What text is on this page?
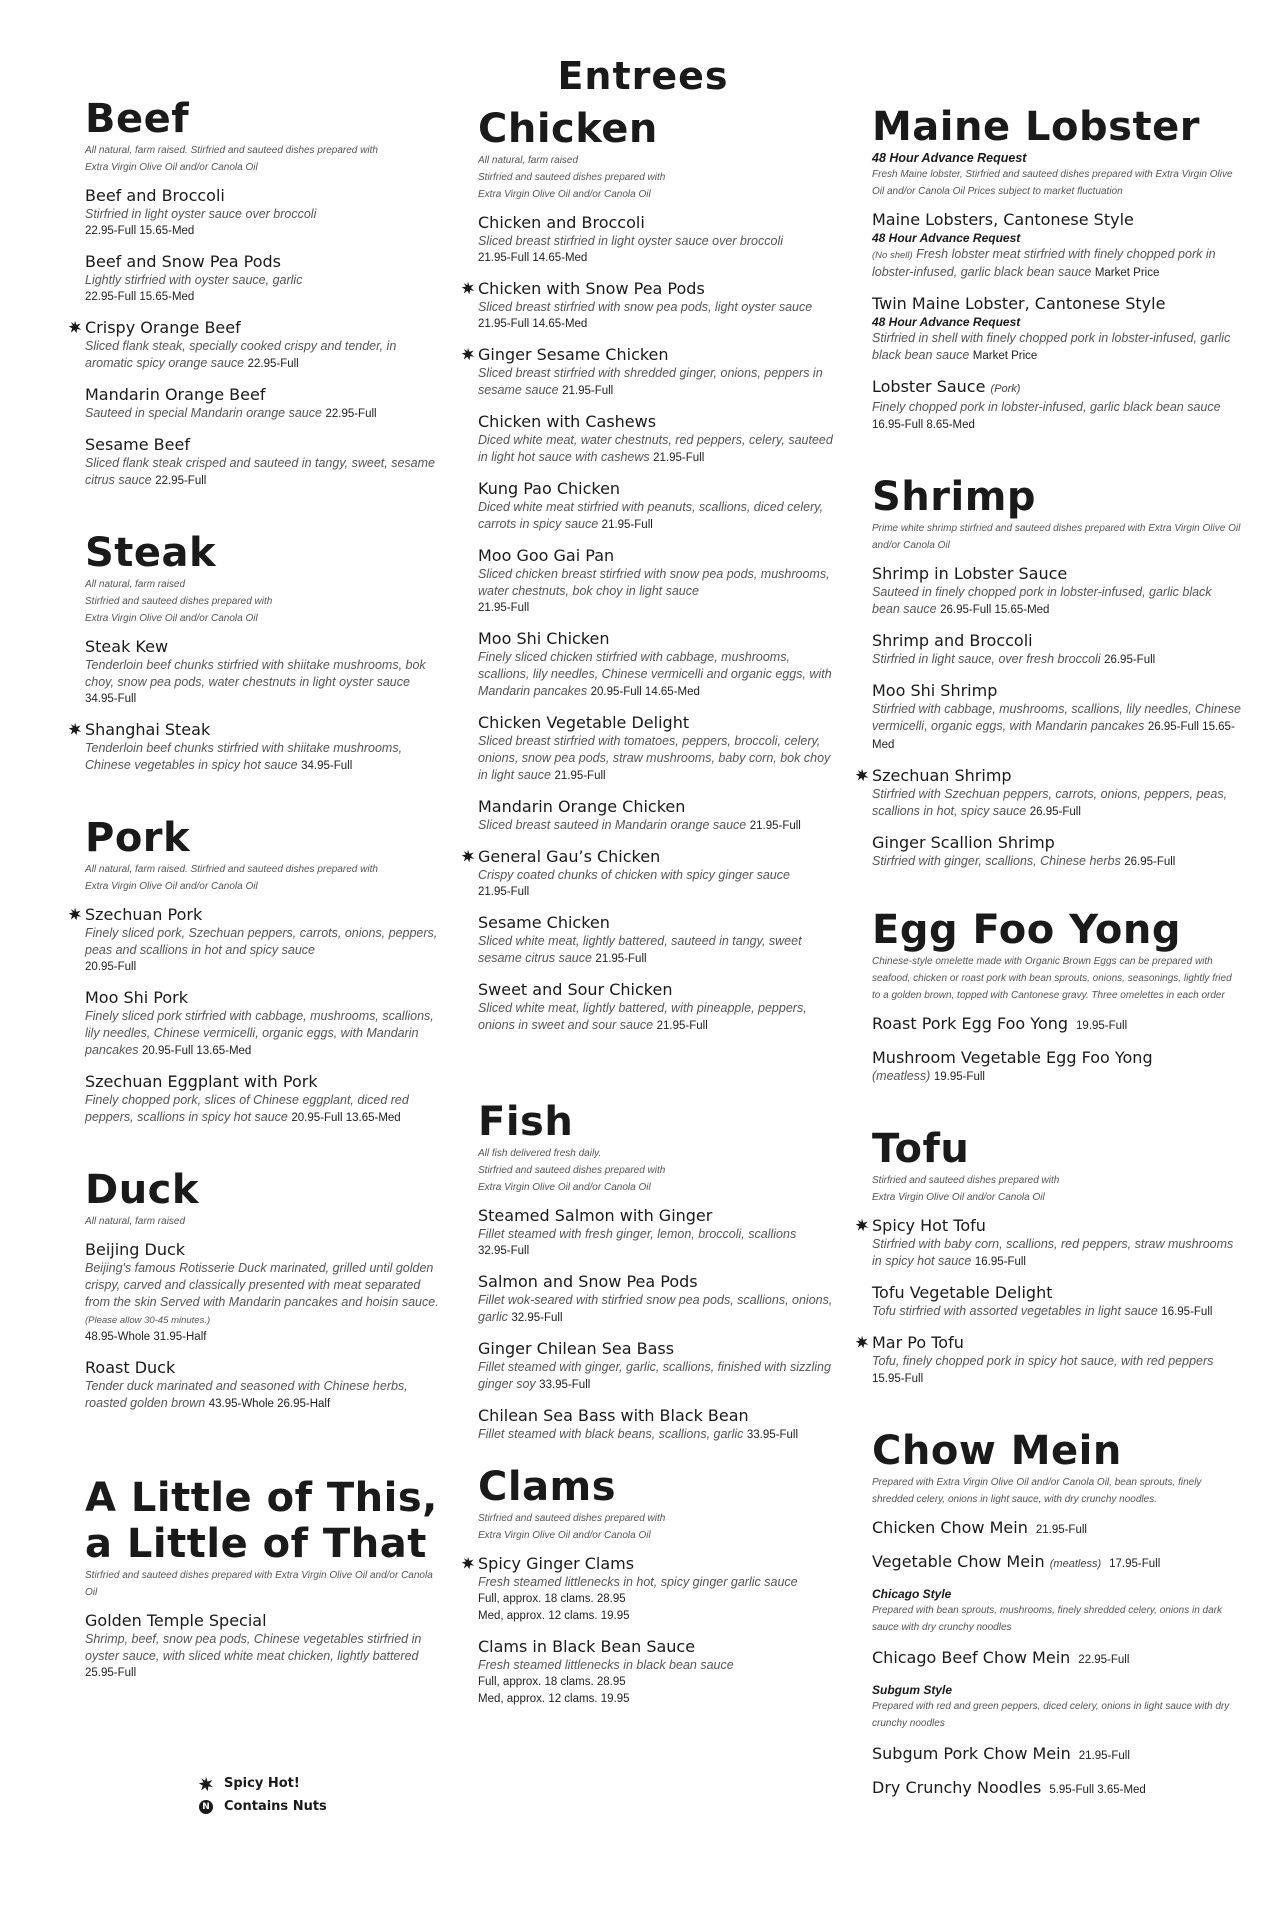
Entrees
Beef
All natural, farm raised. Stirfried and sauteed dishes prepared with
Extra Virgin Olive Oil and/or Canola Oil
Beef and Broccoli
Stirfried in light oyster sauce over broccoli
22.95-Full 15.65-Med
Beef and Snow Pea Pods
Lightly stirfried with oyster sauce, garlic
22.95-Full 15.65-Med
Crispy Orange Beef
Sliced flank steak, specially cooked crispy and tender, in aromatic spicy orange sauce 22.95-Full
Mandarin Orange Beef
Sauteed in special Mandarin orange sauce 22.95-Full
Sesame Beef
Sliced flank steak crisped and sauteed in tangy, sweet, sesame citrus sauce 22.95-Full
Steak
All natural, farm raised
Stirfried and sauteed dishes prepared with
Extra Virgin Olive Oil and/or Canola Oil
Steak Kew
Tenderloin beef chunks stirfried with shiitake mushrooms, bok choy, snow pea pods, water chestnuts in light oyster sauce
34.95-Full
Shanghai Steak
Tenderloin beef chunks stirfried with shiitake mushrooms, Chinese vegetables in spicy hot sauce 34.95-Full
Pork
All natural, farm raised. Stirfried and sauteed dishes prepared with
Extra Virgin Olive Oil and/or Canola Oil
Szechuan Pork
Finely sliced pork, Szechuan peppers, carrots, onions, peppers, peas and scallions in hot and spicy sauce
20.95-Full
Moo Shi Pork
Finely sliced pork stirfried with cabbage, mushrooms, scallions, lily needles, Chinese vermicelli, organic eggs, with Mandarin pancakes 20.95-Full 13.65-Med
Szechuan Eggplant with Pork
Finely chopped pork, slices of Chinese eggplant, diced red peppers, scallions in spicy hot sauce 20.95-Full 13.65-Med
Duck
All natural, farm raised
Beijing Duck
Beijing's famous Rotisserie Duck marinated, grilled until golden crispy, carved and classically presented with meat separated from the skin Served with Mandarin pancakes and hoisin sauce. (Please allow 30-45 minutes.)
48.95-Whole 31.95-Half
Roast Duck
Tender duck marinated and seasoned with Chinese herbs, roasted golden brown 43.95-Whole 26.95-Half
A Little of This, a Little of That
Stirfried and sauteed dishes prepared with Extra Virgin Olive Oil and/or Canola Oil
Golden Temple Special
Shrimp, beef, snow pea pods, Chinese vegetables stirfried in oyster sauce, with sliced white meat chicken, lightly battered
25.95-Full
Chicken
All natural, farm raised
Stirfried and sauteed dishes prepared with
Extra Virgin Olive Oil and/or Canola Oil
Chicken and Broccoli
Sliced breast stirfried in light oyster sauce over broccoli
21.95-Full 14.65-Med
Chicken with Snow Pea Pods
Sliced breast stirfried with snow pea pods, light oyster sauce
21.95-Full 14.65-Med
Ginger Sesame Chicken
Sliced breast stirfried with shredded ginger, onions, peppers in sesame sauce 21.95-Full
Chicken with Cashews
Diced white meat, water chestnuts, red peppers, celery, sauteed in light hot sauce with cashews 21.95-Full
Kung Pao Chicken
Diced white meat stirfried with peanuts, scallions, diced celery, carrots in spicy sauce 21.95-Full
Moo Goo Gai Pan
Sliced chicken breast stirfried with snow pea pods, mushrooms, water chestnuts, bok choy in light sauce
21.95-Full
Moo Shi Chicken
Finely sliced chicken stirfried with cabbage, mushrooms, scallions, lily needles, Chinese vermicelli and organic eggs, with Mandarin pancakes 20.95-Full 14.65-Med
Chicken Vegetable Delight
Sliced breast stirfried with tomatoes, peppers, broccoli, celery, onions, snow pea pods, straw mushrooms, baby corn, bok choy in light sauce 21.95-Full
Mandarin Orange Chicken
Sliced breast sauteed in Mandarin orange sauce 21.95-Full
General Gau’s Chicken
Crispy coated chunks of chicken with spicy ginger sauce
21.95-Full
Sesame Chicken
Sliced white meat, lightly battered, sauteed in tangy, sweet sesame citrus sauce 21.95-Full
Sweet and Sour Chicken
Sliced white meat, lightly battered, with pineapple, peppers, onions in sweet and sour sauce 21.95-Full
Fish
All fish delivered fresh daily.
Stirfried and sauteed dishes prepared with
Extra Virgin Olive Oil and/or Canola Oil
Steamed Salmon with Ginger
Fillet steamed with fresh ginger, lemon, broccoli, scallions
32.95-Full
Salmon and Snow Pea Pods
Fillet wok-seared with stirfried snow pea pods, scallions, onions, garlic 32.95-Full
Ginger Chilean Sea Bass
Fillet steamed with ginger, garlic, scallions, finished with sizzling ginger soy 33.95-Full
Chilean Sea Bass with Black Bean
Fillet steamed with black beans, scallions, garlic 33.95-Full
Clams
Stirfried and sauteed dishes prepared with
Extra Virgin Olive Oil and/or Canola Oil
Spicy Ginger Clams
Fresh steamed littlenecks in hot, spicy ginger garlic sauce
Full, approx. 18 clams. 28.95
Med, approx. 12 clams. 19.95
Clams in Black Bean Sauce
Fresh steamed littlenecks in black bean sauce
Full, approx. 18 clams. 28.95
Med, approx. 12 clams. 19.95
Maine Lobster
48 Hour Advance Request
Fresh Maine lobster, Stirfried and sauteed dishes prepared with Extra Virgin Olive Oil and/or Canola Oil Prices subject to market fluctuation
Maine Lobsters, Cantonese Style
48 Hour Advance Request
(No shell) Fresh lobster meat stirfried with finely chopped pork in lobster-infused, garlic black bean sauce Market Price
Twin Maine Lobster, Cantonese Style
48 Hour Advance Request
Stirfried in shell with finely chopped pork in lobster-infused, garlic black bean sauce Market Price
Lobster Sauce (Pork)
Finely chopped pork in lobster-infused, garlic black bean sauce 16.95-Full 8.65-Med
Shrimp
Prime white shrimp stirfried and sauteed dishes prepared with Extra Virgin Olive Oil and/or Canola Oil
Shrimp in Lobster Sauce
Sauteed in finely chopped pork in lobster-infused, garlic black bean sauce 26.95-Full 15.65-Med
Shrimp and Broccoli
Stirfried in light sauce, over fresh broccoli 26.95-Full
Moo Shi Shrimp
Stirfried with cabbage, mushrooms, scallions, lily needles, Chinese vermicelli, organic eggs, with Mandarin pancakes 26.95-Full 15.65-Med
Szechuan Shrimp
Stirfried with Szechuan peppers, carrots, onions, peppers, peas, scallions in hot, spicy sauce 26.95-Full
Ginger Scallion Shrimp
Stirfried with ginger, scallions, Chinese herbs 26.95-Full
Egg Foo Yong
Chinese-style omelette made with Organic Brown Eggs can be prepared with seafood, chicken or roast pork with bean sprouts, onions, seasonings, lightly fried to a golden brown, topped with Cantonese gravy. Three omelettes in each order
Roast Pork Egg Foo Yong 19.95-Full
Mushroom Vegetable Egg Foo Yong
(meatless) 19.95-Full
Tofu
Stirfried and sauteed dishes prepared with
Extra Virgin Olive Oil and/or Canola Oil
Spicy Hot Tofu
Stirfried with baby corn, scallions, red peppers, straw mushrooms in spicy hot sauce 16.95-Full
Tofu Vegetable Delight
Tofu stirfried with assorted vegetables in light sauce 16.95-Full
Mar Po Tofu
Tofu, finely chopped pork in spicy hot sauce, with red peppers 15.95-Full
Chow Mein
Prepared with Extra Virgin Olive Oil and/or Canola Oil, bean sprouts, finely shredded celery, onions in light sauce, with dry crunchy noodles.
Chicken Chow Mein 21.95-Full
Vegetable Chow Mein (meatless) 17.95-Full
Chicago Style
Prepared with bean sprouts, mushrooms, finely shredded celery, onions in dark sauce with dry crunchy noodles
Chicago Beef Chow Mein 22.95-Full
Subgum Style
Prepared with red and green peppers, diced celery, onions in light sauce with dry crunchy noodles
Subgum Pork Chow Mein 21.95-Full
Dry Crunchy Noodles 5.95-Full 3.65-Med
Spicy Hot!
N Contains Nuts
